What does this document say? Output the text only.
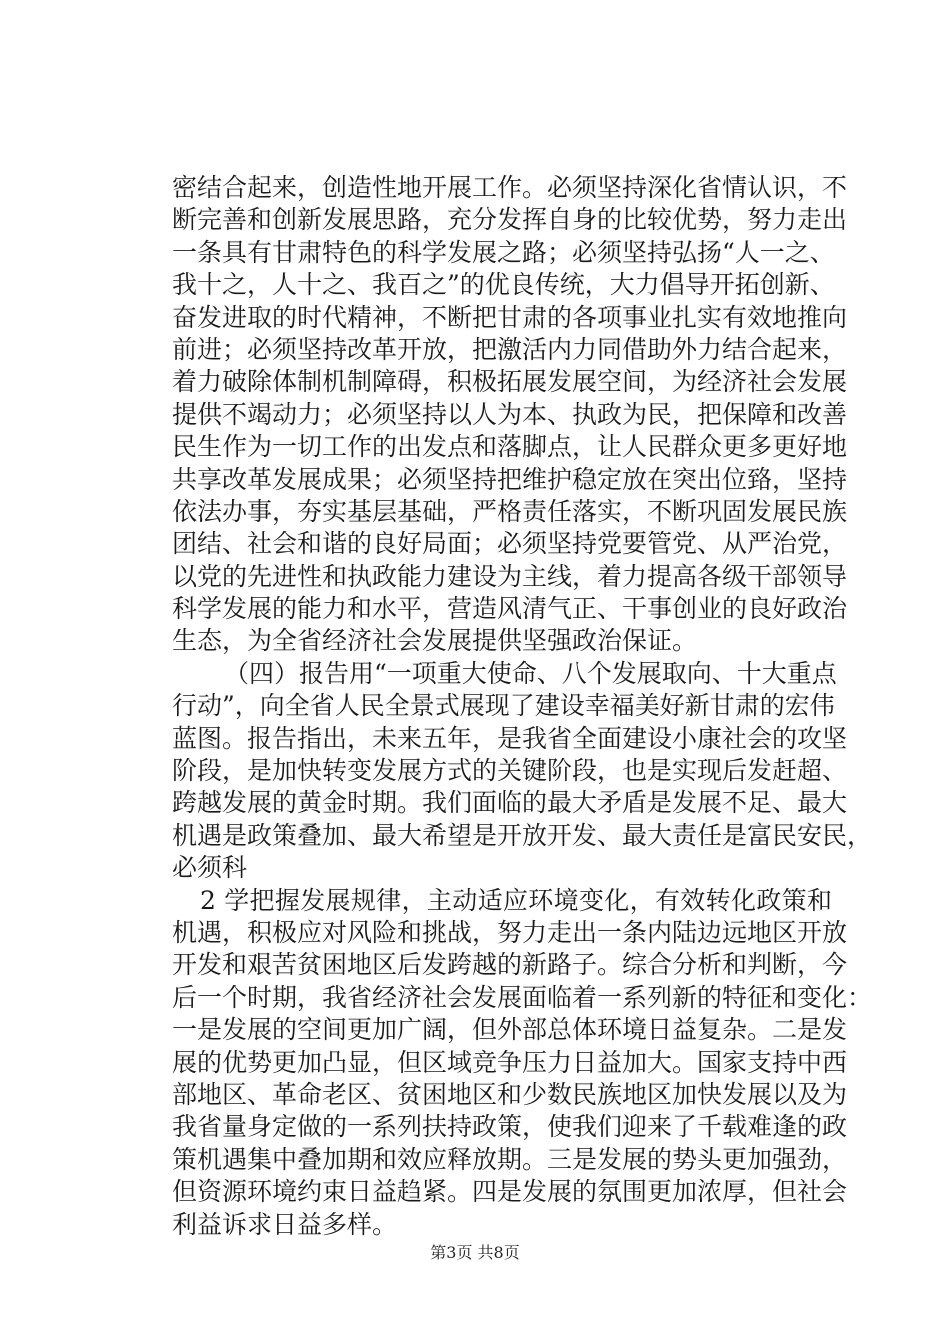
密结合起来，创造性地开展工作。必须坚持深化省情认识，不
断完善和创新发展思路，充分发挥自身的比较优势，努力走出
一条具有甘肃特色的科学发展之路；必须坚持弘扬“人一之、
我十之，人十之、我百之”的优良传统，大力倡导开拓创新、
奋发进取的时代精神，不断把甘肃的各项事业扎实有效地推向
前进；必须坚持改革开放，把激活内力同借助外力结合起来，
着力破除体制机制障碍，积极拓展发展空间，为经济社会发展
提供不竭动力；必须坚持以人为本、执政为民，把保障和改善
民生作为一切工作的出发点和落脚点，让人民群众更多更好地
共享改革发展成果；必须坚持把维护稳定放在突出位臵，坚持
依法办事，夯实基层基础，严格责任落实，不断巩固发展民族
团结、社会和谐的良好局面；必须坚持党要管党、从严治党，
以党的先进性和执政能力建设为主线，着力提高各级干部领导
科学发展的能力和水平，营造风清气正、干事创业的良好政治
生态，为全省经济社会发展提供坚强政治保证。
（四）报告用“一项重大使命、八个发展取向、十大重点
行动”，向全省人民全景式展现了建设幸福美好新甘肃的宏伟
蓝图。报告指出，未来五年，是我省全面建设小康社会的攻坚
阶段，是加快转变发展方式的关键阶段，也是实现后发赶超、
跨越发展的黄金时期。我们面临的最大矛盾是发展不足、最大
机遇是政策叠加、最大希望是开放开发、最大责任是富民安民，
必须科
2 学把握发展规律，主动适应环境变化，有效转化政策和
机遇，积极应对风险和挑战，努力走出一条内陆边远地区开放
开发和艰苦贫困地区后发跨越的新路子。综合分析和判断，今
后一个时期，我省经济社会发展面临着一系列新的特征和变化：
一是发展的空间更加广阔，但外部总体环境日益复杂。二是发
展的优势更加凸显，但区域竞争压力日益加大。国家支持中西
部地区、革命老区、贫困地区和少数民族地区加快发展以及为
我省量身定做的一系列扶持政策，使我们迎来了千载难逢的政
策机遇集中叠加期和效应释放期。三是发展的势头更加强劲，
但资源环境约束日益趋紧。四是发展的氛围更加浓厚，但社会
利益诉求日益多样。
第3页 共8页
